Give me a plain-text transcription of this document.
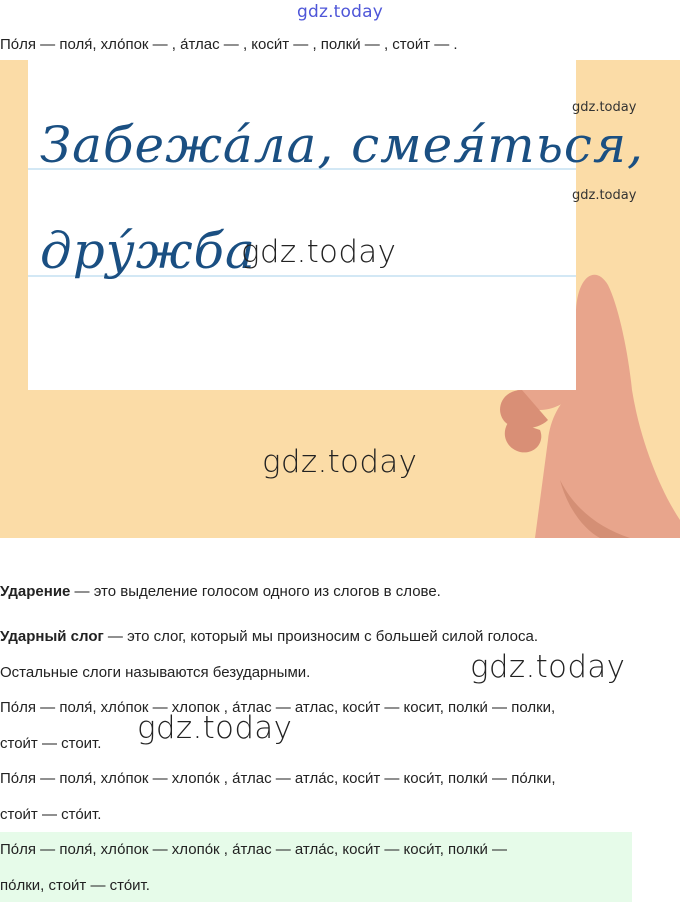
gdz.today
По́ля — поля́, хло́пок — , а́тлас — , коси́т — , полки́ — , стои́т — .
Забежа́ла, смея́ться,
дру́жба
gdz.today
gdz.today
gdz.today
gdz.today
Ударение — это выделение голосом одного из слогов в слове.
Ударный слог — это слог, который мы произносим с большей силой голоса.
Остальные слоги называются безударными.	gdz.today
По́ля — поля́, хло́пок — хлопок , а́тлас — атлас, коси́т — косит, полки́ — полки,
стои́т — стоит. gdz.today
По́ля — поля́, хло́пок — хлопо́к , а́тлас — атла́с, коси́т — коси́т, полки́ — по́лки,
стои́т — сто́ит.
По́ля — поля́, хло́пок — хлопо́к , а́тлас — атла́с, коси́т — коси́т, полки́ —
по́лки, стои́т — сто́ит.
